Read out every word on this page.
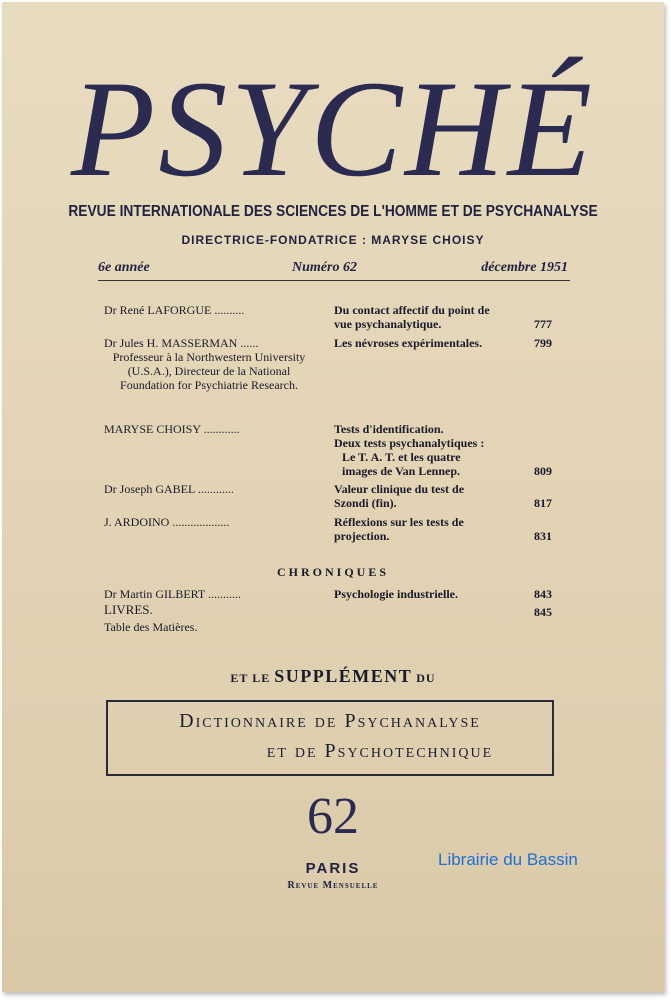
PSYCHÉ
REVUE INTERNATIONALE DES SCIENCES DE L'HOMME ET DE PSYCHANALYSE
DIRECTRICE-FONDATRICE : MARYSE CHOISY
6e année	Numéro 62	décembre 1951
Dr René LAFORGUE ..........	Du contact affectif du point de
vue psychanalytique.	777
Dr Jules H. MASSERMAN ......
Professeur à la Northwestern University (U.S.A.), Directeur de la National Foundation for Psychiatrie Research.
Les névroses expérimentales.	799
MARYSE CHOISY ............	Tests d'identification.
Deux tests psychanalytiques :
Le T. A. T. et les quatre
images de Van Lennep.	809
Dr Joseph GABEL ............	Valeur clinique du test de
Szondi (fin).	817
J. ARDOINO ...................	Réflexions sur les tests de
projection.	831
CHRONIQUES
Dr Martin GILBERT ...........	Psychologie industrielle.	843
LIVRES.	845
Table des Matières.
ET LE SUPPLÉMENT DU
Dictionnaire de Psychanalyse
et de Psychotechnique
62
PARIS
Revue Mensuelle
Librairie du Bassin
